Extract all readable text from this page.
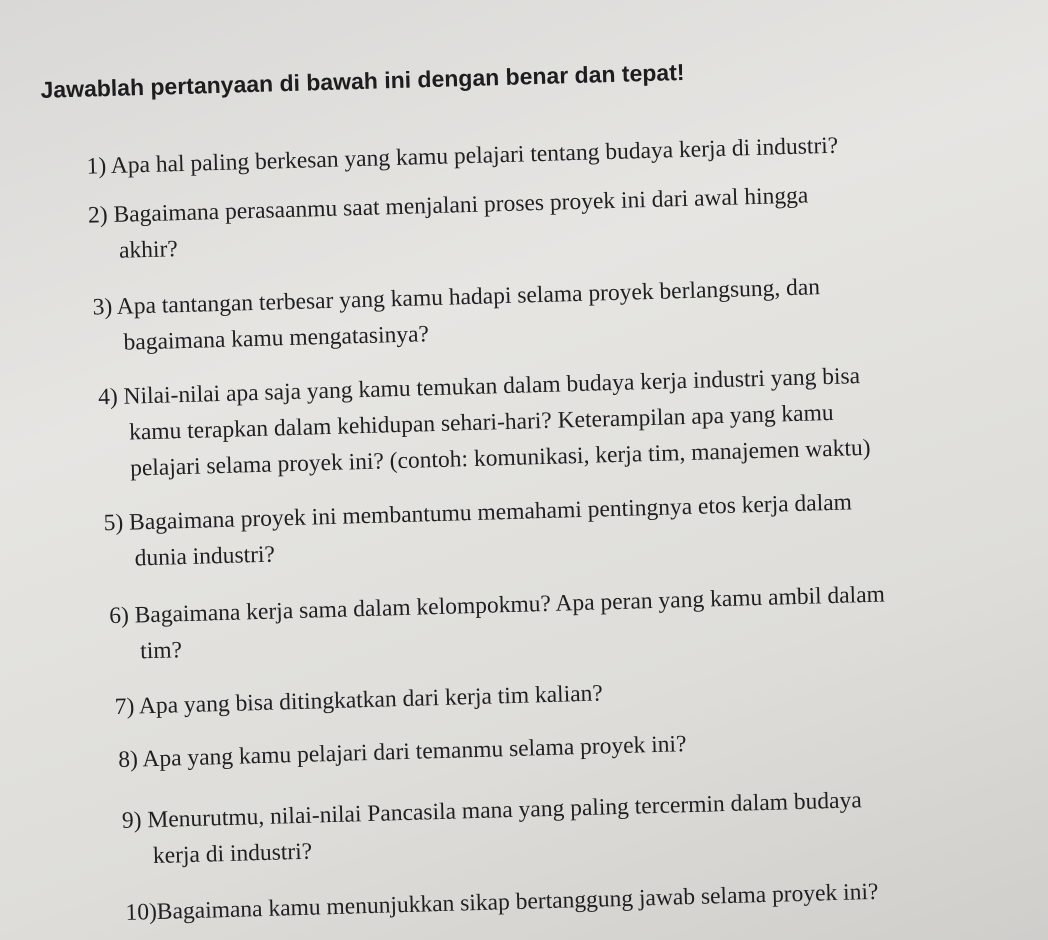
Jawablah pertanyaan di bawah ini dengan benar dan tepat!
1) Apa hal paling berkesan yang kamu pelajari tentang budaya kerja di industri?
2) Bagaimana perasaanmu saat menjalani proses proyek ini dari awal hingga
akhir?
3) Apa tantangan terbesar yang kamu hadapi selama proyek berlangsung, dan
bagaimana kamu mengatasinya?
4) Nilai-nilai apa saja yang kamu temukan dalam budaya kerja industri yang bisa
kamu terapkan dalam kehidupan sehari-hari? Keterampilan apa yang kamu
pelajari selama proyek ini? (contoh: komunikasi, kerja tim, manajemen waktu)
5) Bagaimana proyek ini membantumu memahami pentingnya etos kerja dalam
dunia industri?
6) Bagaimana kerja sama dalam kelompokmu? Apa peran yang kamu ambil dalam
tim?
7) Apa yang bisa ditingkatkan dari kerja tim kalian?
8) Apa yang kamu pelajari dari temanmu selama proyek ini?
9) Menurutmu, nilai-nilai Pancasila mana yang paling tercermin dalam budaya
kerja di industri?
10)Bagaimana kamu menunjukkan sikap bertanggung jawab selama proyek ini?
